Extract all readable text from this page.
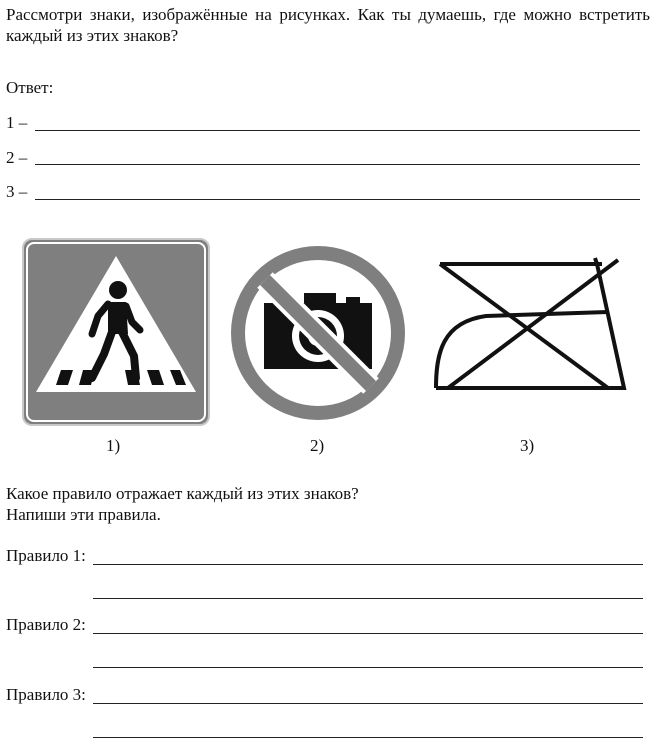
Рассмотри знаки, изображённые на рисунках. Как ты думаешь, где можно встретить каждый из этих знаков?
Ответ:
1 –
2 –
3 –
1)	2)	3)
Какое правило отражает каждый из этих знаков?
Напиши эти правила.
Правило 1:
Правило 2:
Правило 3:
